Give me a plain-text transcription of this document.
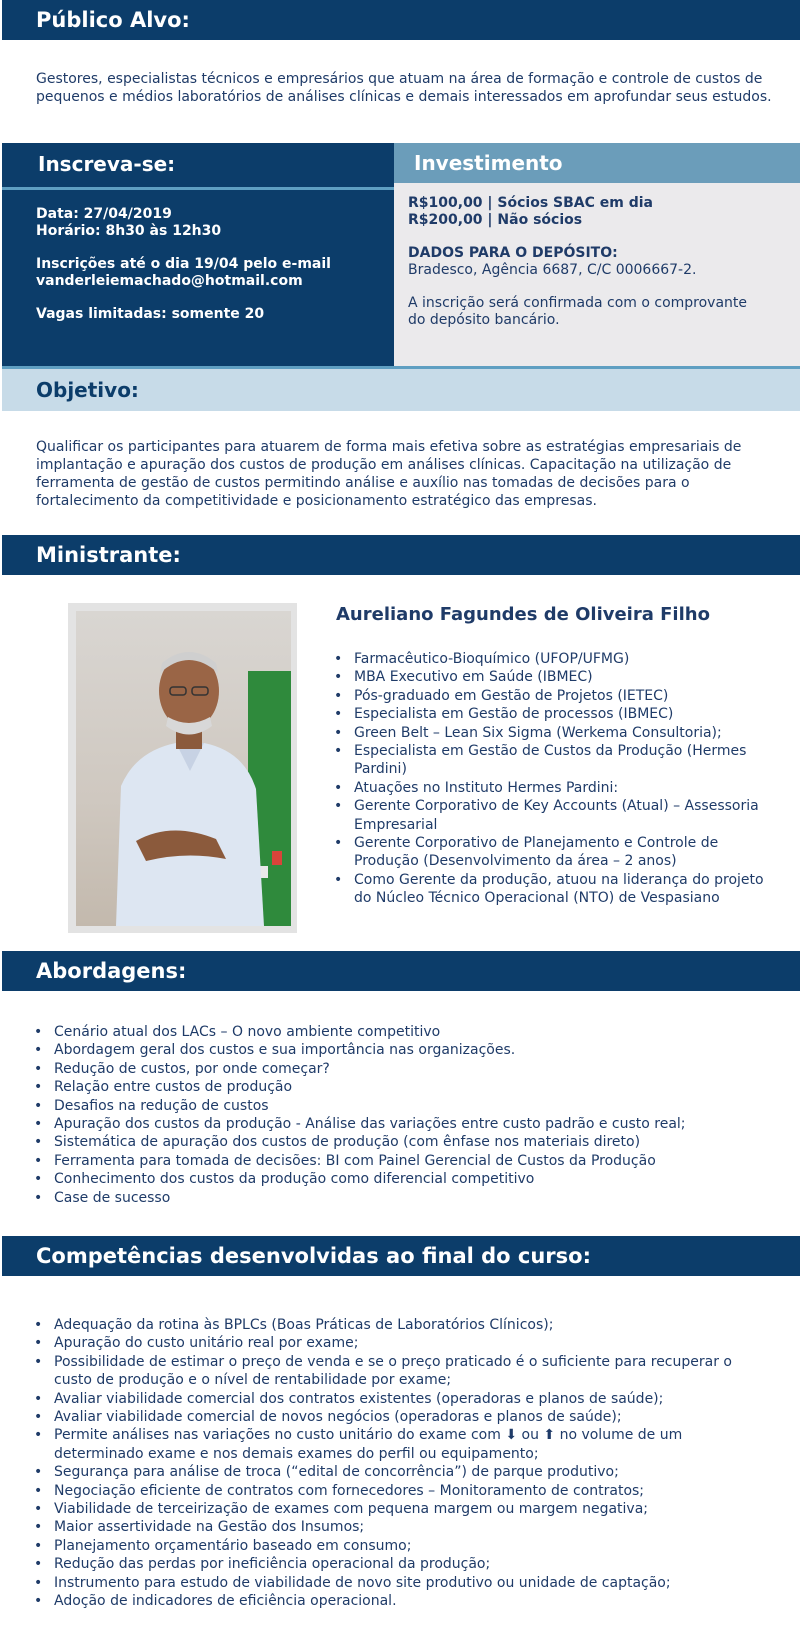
Público Alvo:

Gestores, especialistas técnicos e empresários que atuam na área de formação e controle de custos de pequenos e médios laboratórios de análises clínicas e demais interessados em aprofundar seus estudos.

Inscreva-se:

Data: 27/04/2019
Horário: 8h30 às 12h30

Inscrições até o dia 19/04 pelo e-mail
vanderleiemachado@hotmail.com

Vagas limitadas: somente 20

Investimento

R$100,00 | Sócios SBAC em dia
R$200,00 | Não sócios

DADOS PARA O DEPÓSITO:
Bradesco, Agência 6687, C/C 0006667-2.

A inscrição será confirmada com o comprovante
do depósito bancário.

Objetivo:

Qualificar os participantes para atuarem de forma mais efetiva sobre as estratégias empresariais de implantação e apuração dos custos de produção em análises clínicas. Capacitação na utilização de ferramenta de gestão de custos permitindo análise e auxílio nas tomadas de decisões para o fortalecimento da competitividade e posicionamento estratégico das empresas.

Ministrante:
Aureliano Fagundes de Oliveira Filho
• Farmacêutico-Bioquímico (UFOP/UFMG)
• MBA Executivo em Saúde (IBMEC)
• Pós-graduado em Gestão de Projetos (IETEC)
• Especialista em Gestão de processos (IBMEC)
• Green Belt – Lean Six Sigma (Werkema Consultoria);
• Especialista em Gestão de Custos da Produção (Hermes Pardini)
• Atuações no Instituto Hermes Pardini:
• Gerente Corporativo de Key Accounts (Atual) – Assessoria Empresarial
• Gerente Corporativo de Planejamento e Controle de Produção (Desenvolvimento da área – 2 anos)
• Como Gerente da produção, atuou na liderança do projeto do Núcleo Técnico Operacional (NTO) de Vespasiano
Abordagens:
• Cenário atual dos LACs – O novo ambiente competitivo
• Abordagem geral dos custos e sua importância nas organizações.
• Redução de custos, por onde começar?
• Relação entre custos de produção
• Desafios na redução de custos
• Apuração dos custos da produção - Análise das variações entre custo padrão e custo real;
• Sistemática de apuração dos custos de produção (com ênfase nos materiais direto)
• Ferramenta para tomada de decisões: BI com Painel Gerencial de Custos da Produção
• Conhecimento dos custos da produção como diferencial competitivo
• Case de sucesso
Competências desenvolvidas ao final do curso:
• Adequação da rotina às BPLCs (Boas Práticas de Laboratórios Clínicos);
• Apuração do custo unitário real por exame;
• Possibilidade de estimar o preço de venda e se o preço praticado é o suficiente para recuperar o custo de produção e o nível de rentabilidade por exame;
• Avaliar viabilidade comercial dos contratos existentes (operadoras e planos de saúde);
• Avaliar viabilidade comercial de novos negócios (operadoras e planos de saúde);
• Permite análises nas variações no custo unitário do exame com ⬇ ou ⬆ no volume de um determinado exame e nos demais exames do perfil ou equipamento;
• Segurança para análise de troca (“edital de concorrência”) de parque produtivo;
• Negociação eficiente de contratos com fornecedores – Monitoramento de contratos;
• Viabilidade de terceirização de exames com pequena margem ou margem negativa;
• Maior assertividade na Gestão dos Insumos;
• Planejamento orçamentário baseado em consumo;
• Redução das perdas por ineficiência operacional da produção;
• Instrumento para estudo de viabilidade de novo site produtivo ou unidade de captação;
• Adoção de indicadores de eficiência operacional.
